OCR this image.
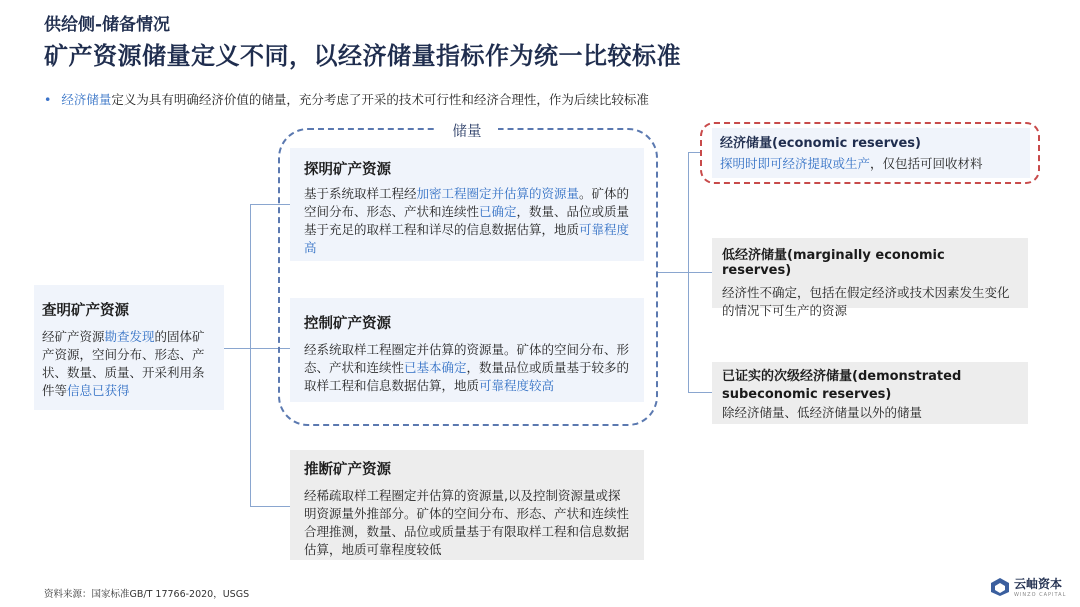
供给侧-储备情况
矿产资源储量定义不同，以经济储量指标作为统一比较标准
• 经济储量定义为具有明确经济价值的储量，充分考虑了开采的技术可行性和经济合理性，作为后续比较标准
查明矿产资源
经矿产资源勘查发现的固体矿产资源，空间分布、形态、产状、数量、质量、开采利用条件等信息已获得
储量
探明矿产资源
基于系统取样工程经加密工程圈定并估算的资源量。矿体的空间分布、形态、产状和连续性已确定，数量、品位或质量基于充足的取样工程和详尽的信息数据估算，地质可靠程度高
控制矿产资源
经系统取样工程圈定并估算的资源量。矿体的空间分布、形态、产状和连续性已基本确定，数量品位或质量基于较多的取样工程和信息数据估算，地质可靠程度较高
推断矿产资源
经稀疏取样工程圈定并估算的资源量,以及控制资源量或探明资源量外推部分。矿体的空间分布、形态、产状和连续性合理推测，数量、品位或质量基于有限取样工程和信息数据估算，地质可靠程度较低
经济储量(economic reserves)
探明时即可经济提取或生产，仅包括可回收材料
低经济储量(marginally economic reserves)
经济性不确定，包括在假定经济或技术因素发生变化的情况下可生产的资源
已证实的次级经济储量(demonstrated subeconomic reserves)
除经济储量、低经济储量以外的储量
资料来源：国家标准GB/T 17766-2020，USGS
云岫资本
WINZO CAPITAL
